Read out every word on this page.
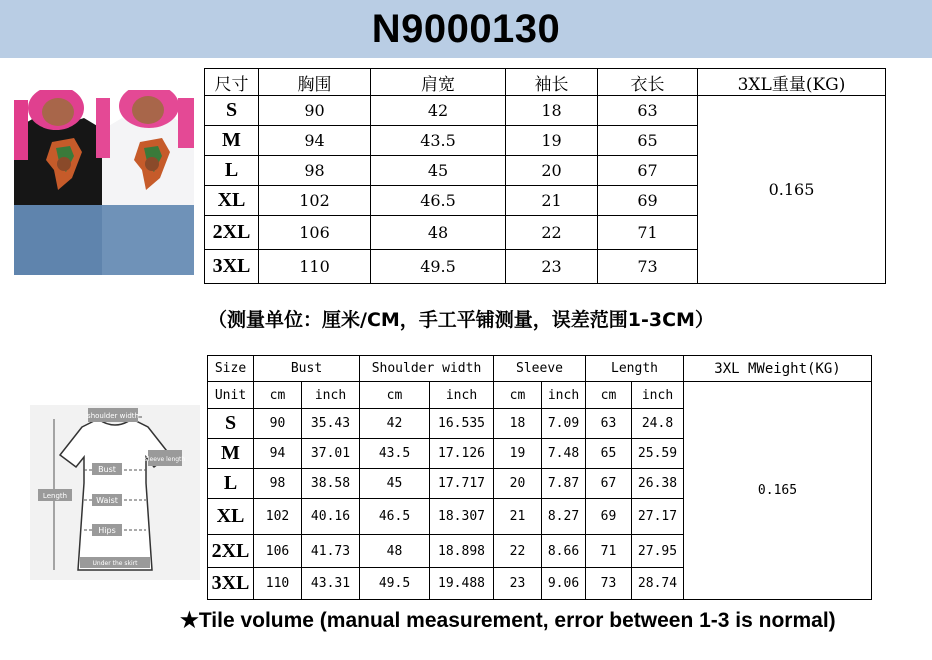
N9000130
尺寸	胸围	肩宽	袖长	衣长	3XL重量(KG)
S	90	42	18	63	0.165
M	94	43.5	19	65	
L	98	45	20	67	
XL	102	46.5	21	69	
2XL	106	48	22	71	
3XL	110	49.5	23	73	
（测量单位：厘米/CM，手工平铺测量，误差范围1-3CM）
shoulder width
sleeve length
Bust
Waist
Hips
Length
Under the skirt
Size	Bust		Shoulder width		Sleeve		Length		3XL MWeight(KG)
Unit	cm	inch	cm	inch	cm	inch	cm	inch	0.165
S	90	35.43	42	16.535	18	7.09	63	24.8	
M	94	37.01	43.5	17.126	19	7.48	65	25.59	
L	98	38.58	45	17.717	20	7.87	67	26.38	
XL	102	40.16	46.5	18.307	21	8.27	69	27.17	
2XL	106	41.73	48	18.898	22	8.66	71	27.95	
3XL	110	43.31	49.5	19.488	23	9.06	73	28.74	
★Tile volume (manual measurement, error between 1-3 is normal)
